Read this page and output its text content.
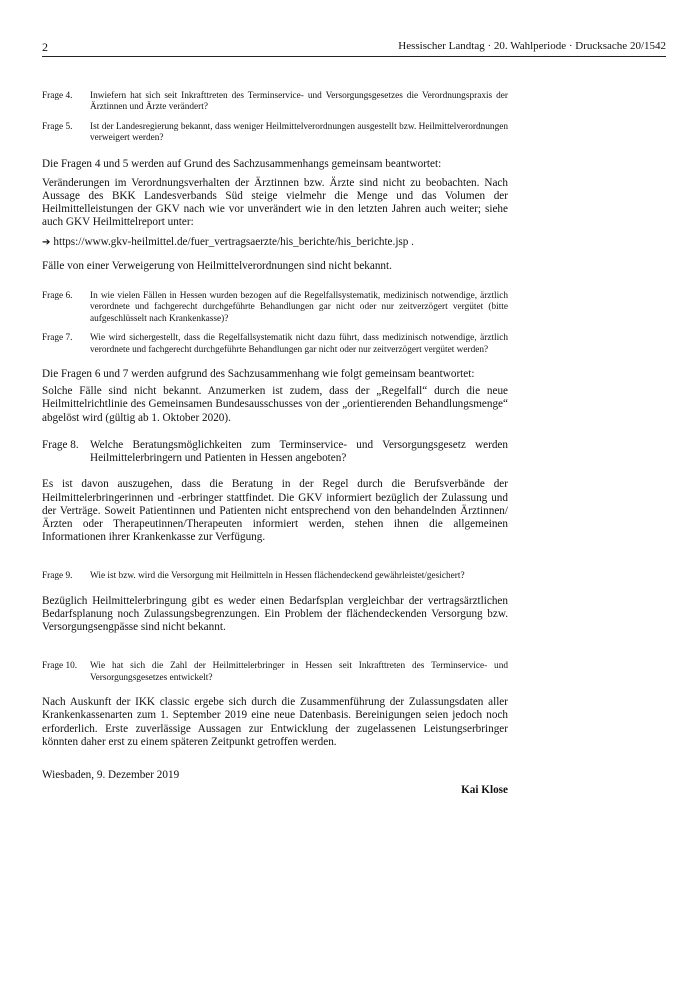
2	Hessischer Landtag · 20. Wahlperiode · Drucksache 20/1542
Frage 4.	Inwiefern hat sich seit Inkrafttreten des Terminservice- und Versorgungsgesetzes die Verordnungspraxis der Ärztinnen und Ärzte verändert?
Frage 5.	Ist der Landesregierung bekannt, dass weniger Heilmittelverordnungen ausgestellt bzw. Heilmittelverordnungen verweigert werden?

Die Fragen 4 und 5 werden auf Grund des Sachzusammenhangs gemeinsam beantwortet:

Veränderungen im Verordnungsverhalten der Ärztinnen bzw. Ärzte sind nicht zu beobachten. Nach Aussage des BKK Landesverbands Süd steige vielmehr die Menge und das Volumen der Heilmittelleistungen der GKV nach wie vor unverändert wie in den letzten Jahren auch weiter; siehe auch GKV Heilmittelreport unter:

➔ https://www.gkv-heilmittel.de/fuer_vertragsaerzte/his_berichte/his_berichte.jsp .

Fälle von einer Verweigerung von Heilmittelverordnungen sind nicht bekannt.

Frage 6.	In wie vielen Fällen in Hessen wurden bezogen auf die Regelfallsystematik, medizinisch notwendige, ärztlich verordnete und fachgerecht durchgeführte Behandlungen gar nicht oder nur zeitverzögert vergütet (bitte aufgeschlüsselt nach Krankenkasse)?
Frage 7.	Wie wird sichergestellt, dass die Regelfallsystematik nicht dazu führt, dass medizinisch notwendige, ärztlich verordnete und fachgerecht durchgeführte Behandlungen gar nicht oder nur zeitverzögert vergütet werden?

Die Fragen 6 und 7 werden aufgrund des Sachzusammenhang wie folgt gemeinsam beantwortet:

Solche Fälle sind nicht bekannt. Anzumerken ist zudem, dass der „Regelfall“ durch die neue Heilmittelrichtlinie des Gemeinsamen Bundesausschusses von der „orientierenden Behandlungsmenge“ abgelöst wird (gültig ab 1. Oktober 2020).

Frage 8.	Welche Beratungsmöglichkeiten zum Terminservice- und Versorgungsgesetz werden Heilmittelerbringern und Patienten in Hessen angeboten?

Es ist davon auszugehen, dass die Beratung in der Regel durch die Berufsverbände der Heilmittelerbringerinnen und -erbringer stattfindet. Die GKV informiert bezüglich der Zulassung und der Verträge. Soweit Patientinnen und Patienten nicht entsprechend von den behandelnden Ärztinnen/Ärzten oder Therapeutinnen/Therapeuten informiert werden, stehen ihnen die allgemeinen Informationen ihrer Krankenkasse zur Verfügung.

Frage 9.	Wie ist bzw. wird die Versorgung mit Heilmitteln in Hessen flächendeckend gewährleistet/gesichert?

Bezüglich Heilmittelerbringung gibt es weder einen Bedarfsplan vergleichbar der vertragsärztlichen Bedarfsplanung noch Zulassungsbegrenzungen. Ein Problem der flächendeckenden Versorgung bzw. Versorgungsengpässe sind nicht bekannt.

Frage 10.	Wie hat sich die Zahl der Heilmittelerbringer in Hessen seit Inkrafttreten des Terminservice- und Versorgungsgesetzes entwickelt?

Nach Auskunft der IKK classic ergebe sich durch die Zusammenführung der Zulassungsdaten aller Krankenkassenarten zum 1. September 2019 eine neue Datenbasis. Bereinigungen seien jedoch noch erforderlich. Erste zuverlässige Aussagen zur Entwicklung der zugelassenen Leistungserbringer könnten daher erst zu einem späteren Zeitpunkt getroffen werden.

Wiesbaden, 9. Dezember 2019

Kai Klose
